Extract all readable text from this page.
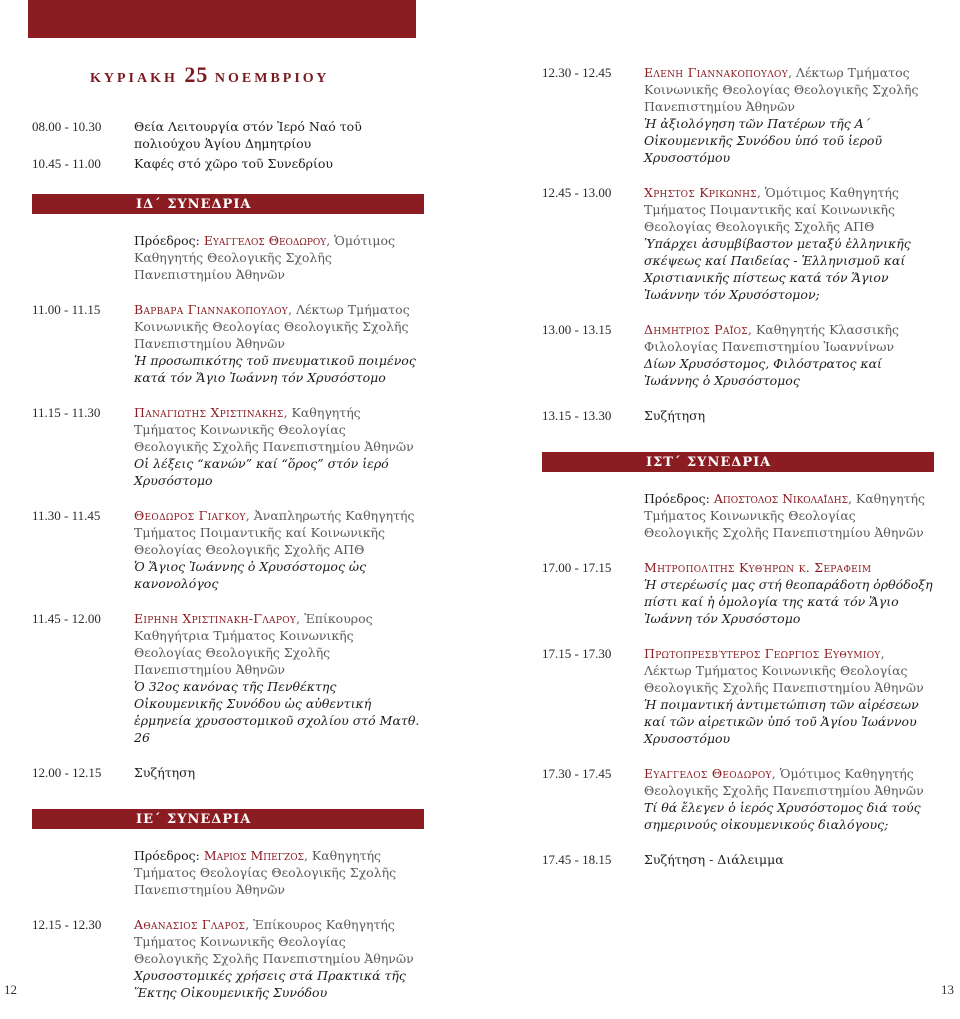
ΚΥΡΙΑΚΗ 25 ΝΟΕΜΒΡΙΟΥ
08.00 - 10.30	Θεία Λειτουργία στόν Ἱερό Ναό τοῦ πολιούχου Ἁγίου Δημητρίου
10.45 - 11.00	Καφές στό χῶρο τοῦ Συνεδρίου
ΙΔ΄ ΣΥΝΕΔΡΙΑ
Πρόεδρος: Ευαγγελος Θεοδωρου, Ὁμότιμος Καθηγητής Θεολογικῆς Σχολῆς Πανεπιστημίου Ἀθηνῶν
11.00 - 11.15	Βαρβαρα Γιαννακοπουλου, Λέκτωρ Τμήματος Κοινωνικῆς Θεολογίας Θεολογικῆς Σχολῆς Πανεπιστημίου Ἀθηνῶν
Ἡ προσωπικότης τοῦ πνευματικοῦ ποιμένος κατά τόν Ἅγιο Ἰωάννη τόν Χρυσόστομο
11.15 - 11.30	Παναγιωτης Χριστινακης, Καθηγητής Τμήματος Κοινωνικῆς Θεολογίας Θεολογικῆς Σχολῆς Πανεπιστημίου Ἀθηνῶν
Οἱ λέξεις “κανών” καί “ὅρος” στόν ἱερό Χρυσόστομο
11.30 - 11.45	Θεοδωρος Γιαγκου, Ἀναπληρωτής Καθηγητής Τμήματος Ποιμαντικῆς καί Κοινωνικῆς Θεολογίας Θεολογικῆς Σχολῆς ΑΠΘ
Ὁ Ἅγιος Ἰωάννης ὁ Χρυσόστομος ὡς κανονολόγος
11.45 - 12.00	Ειρηνη Χριστινακη-Γλαρου, Ἐπίκουρος Καθηγήτρια Τμήματος Κοινωνικῆς Θεολογίας Θεολογικῆς Σχολῆς Πανεπιστημίου Ἀθηνῶν
Ὁ 32ος κανόνας τῆς Πενθέκτης Οἰκουμενικῆς Συνόδου ὡς αὐθεντική ἑρμηνεία χρυσοστομικοῦ σχολίου στό Ματθ. 26
12.00 - 12.15	Συζήτηση
ΙΕ΄ ΣΥΝΕΔΡΙΑ
Πρόεδρος: Μαριος Μπεγζος, Καθηγητής Τμήματος Θεολογίας Θεολογικῆς Σχολῆς Πανεπιστημίου Ἀθηνῶν
12.15 - 12.30	Αθανασιος Γλαρος, Ἐπίκουρος Καθηγητής Τμήματος Κοινωνικῆς Θεολογίας Θεολογικῆς Σχολῆς Πανεπιστημίου Ἀθηνῶν
Χρυσοστομικές χρήσεις στά Πρακτικά τῆς Ἕκτης Οἰκουμενικῆς Συνόδου
12
12.30 - 12.45	Ελενη Γιαννακοπουλου, Λέκτωρ Τμήματος Κοινωνικῆς Θεολογίας Θεολογικῆς Σχολῆς Πανεπιστημίου Ἀθηνῶν
Ἡ ἀξιολόγηση τῶν Πατέρων τῆς Α΄ Οἰκουμενικῆς Συνόδου ὑπό τοῦ ἱεροῦ Χρυσοστόμου
12.45 - 13.00	Χρηστος Κρικωνης, Ὁμότιμος Καθηγητής Τμήματος Ποιμαντικῆς καί Κοινωνικῆς Θεολογίας Θεολογικῆς Σχολῆς ΑΠΘ
Ὑπάρχει ἀσυμβίβαστον μεταξύ ἑλληνικῆς σκέψεως καί Παιδείας - Ἑλληνισμοῦ καί Χριστιανικῆς πίστεως κατά τόν Ἅγιον Ἰωάννην τόν Χρυσόστομον;
13.00 - 13.15	Δημητριος Ραΐος, Καθηγητής Κλασσικῆς Φιλολογίας Πανεπιστημίου Ἰωαννίνων
Δίων Χρυσόστομος, Φιλόστρατος καί Ἰωάννης ὁ Χρυσόστομος
13.15 - 13.30	Συζήτηση
ΙΣΤ΄ ΣΥΝΕΔΡΙΑ
Πρόεδρος: Αποστολος Νικολαΐδης, Καθηγητής Τμήματος Κοινωνικῆς Θεολογίας Θεολογικῆς Σχολῆς Πανεπιστημίου Ἀθηνῶν
17.00 - 17.15	Μητροπολίτης Κυθήρων κ. Σεραφειμ
Ἡ στερέωσίς μας στή θεοπαράδοτη ὀρθόδοξη πίστι καί ἡ ὁμολογία της κατά τόν Ἅγιο Ἰωάννη τόν Χρυσόστομο
17.15 - 17.30	Πρωτοπρεσβύτερος Γεωργιος Ευθυμιου, Λέκτωρ Τμήματος Κοινωνικῆς Θεολογίας Θεολογικῆς Σχολῆς Πανεπιστημίου Ἀθηνῶν
Ἡ ποιμαντική ἀντιμετώπιση τῶν αἱρέσεων καί τῶν αἱρετικῶν ὑπό τοῦ Ἁγίου Ἰωάννου Χρυσοστόμου
17.30 - 17.45	Ευαγγελος Θεοδωρου, Ὁμότιμος Καθηγητής Θεολογικῆς Σχολῆς Πανεπιστημίου Ἀθηνῶν
Τί θά ἔλεγεν ὁ ἱερός Χρυσόστομος διά τούς σημερινούς οἰκουμενικούς διαλόγους;
17.45 - 18.15	Συζήτηση - Διάλειμμα
13
